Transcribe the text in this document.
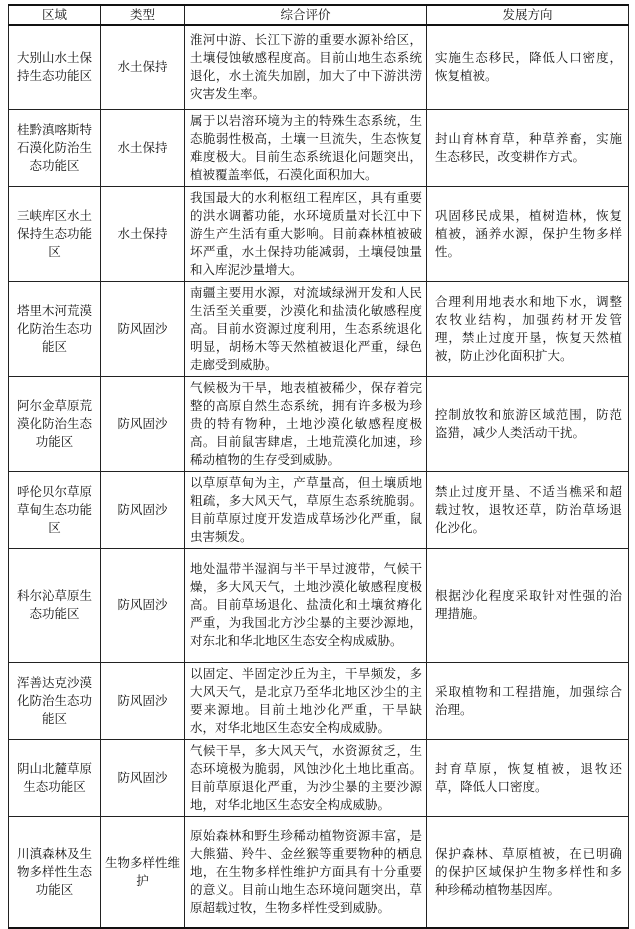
区域	类型	综合评价	发展方向
大别山水土保持生态功能区	水土保持	淮河中游、长江下游的重要水源补给区，土壤侵蚀敏感程度高。目前山地生态系统退化，水土流失加剧，加大了中下游洪涝灾害发生率。	实施生态移民，降低人口密度，恢复植被。
桂黔滇喀斯特石漠化防治生态功能区	水土保持	属于以岩溶环境为主的特殊生态系统，生态脆弱性极高，土壤一旦流失，生态恢复难度极大。目前生态系统退化问题突出，植被覆盖率低，石漠化面积加大。	封山育林育草，种草养畜，实施生态移民，改变耕作方式。
三峡库区水土保持生态功能区	水土保持	我国最大的水利枢纽工程库区，具有重要的洪水调蓄功能，水环境质量对长江中下游生产生活有重大影响。目前森林植被破坏严重，水土保持功能减弱，土壤侵蚀量和入库泥沙量增大。	巩固移民成果，植树造林，恢复植被，涵养水源，保护生物多样性。
塔里木河荒漠化防治生态功能区	防风固沙	南疆主要用水源，对流域绿洲开发和人民生活至关重要，沙漠化和盐渍化敏感程度高。目前水资源过度利用，生态系统退化明显，胡杨木等天然植被退化严重，绿色走廊受到威胁。	合理利用地表水和地下水，调整农牧业结构，加强药材开发管理，禁止过度开垦，恢复天然植被，防止沙化面积扩大。
阿尔金草原荒漠化防治生态功能区	防风固沙	气候极为干旱，地表植被稀少，保存着完整的高原自然生态系统，拥有许多极为珍贵的特有物种，土地沙漠化敏感程度极高。目前鼠害肆虐，土地荒漠化加速，珍稀动植物的生存受到威胁。	控制放牧和旅游区域范围，防范盗猎，减少人类活动干扰。
呼伦贝尔草原草甸生态功能区	防风固沙	以草原草甸为主，产草量高，但土壤质地粗疏，多大风天气，草原生态系统脆弱。目前草原过度开发造成草场沙化严重，鼠虫害频发。	禁止过度开垦、不适当樵采和超载过牧，退牧还草，防治草场退化沙化。
科尔沁草原生态功能区	防风固沙	地处温带半湿润与半干旱过渡带，气候干燥，多大风天气，土地沙漠化敏感程度极高。目前草场退化、盐渍化和土壤贫瘠化严重，为我国北方沙尘暴的主要沙源地，对东北和华北地区生态安全构成威胁。	根据沙化程度采取针对性强的治理措施。
浑善达克沙漠化防治生态功能区	防风固沙	以固定、半固定沙丘为主，干旱频发，多大风天气，是北京乃至华北地区沙尘的主要来源地。目前土地沙化严重，干旱缺水，对华北地区生态安全构成威胁。	采取植物和工程措施，加强综合治理。
阴山北麓草原生态功能区	防风固沙	气候干旱，多大风天气，水资源贫乏，生态环境极为脆弱，风蚀沙化土地比重高。目前草原退化严重，为沙尘暴的主要沙源地，对华北地区生态安全构成威胁。	封育草原，恢复植被，退牧还草，降低人口密度。
川滇森林及生物多样性生态功能区	生物多样性维护	原始森林和野生珍稀动植物资源丰富，是大熊猫、羚牛、金丝猴等重要物种的栖息地，在生物多样性维护方面具有十分重要的意义。目前山地生态环境问题突出，草原超载过牧，生物多样性受到威胁。	保护森林、草原植被，在已明确的保护区域保护生物多样性和多种珍稀动植物基因库。
